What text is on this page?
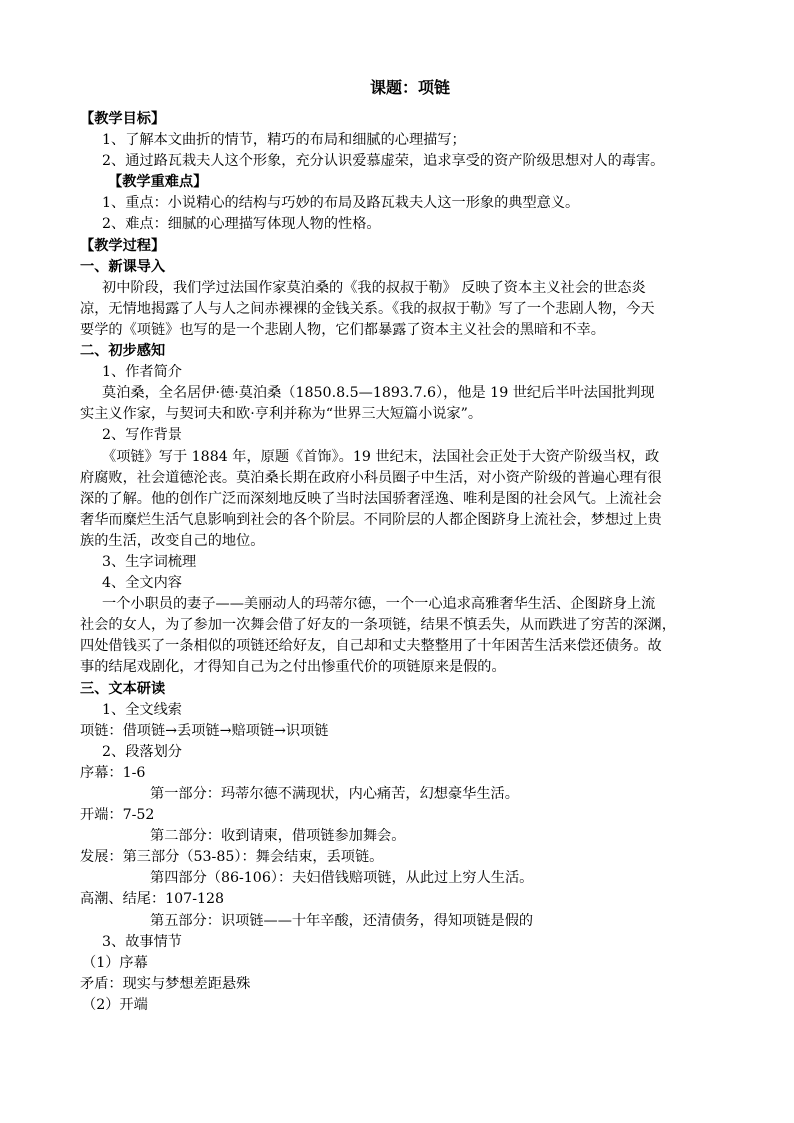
课题：项链
【教学目标】
1、了解本文曲折的情节，精巧的布局和细腻的心理描写；
2、通过路瓦栽夫人这个形象，充分认识爱慕虚荣，追求享受的资产阶级思想对人的毒害。
【教学重难点】
1、重点：小说精心的结构与巧妙的布局及路瓦栽夫人这一形象的典型意义。
2、难点：细腻的心理描写体现人物的性格。
【教学过程】
一、新课导入
初中阶段，我们学过法国作家莫泊桑的《我的叔叔于勒》 反映了资本主义社会的世态炎
凉，无情地揭露了人与人之间赤裸裸的金钱关系。《我的叔叔于勒》写了一个悲剧人物，今天
要学的《项链》也写的是一个悲剧人物，它们都暴露了资本主义社会的黑暗和不幸。
二、初步感知
1、作者简介
莫泊桑，全名居伊·德·莫泊桑（1850.8.5—1893.7.6），他是 19 世纪后半叶法国批判现
实主义作家，与契诃夫和欧·亨利并称为“世界三大短篇小说家”。
2、写作背景
《项链》写于 1884 年，原题《首饰》。19 世纪末，法国社会正处于大资产阶级当权，政
府腐败，社会道德沦丧。莫泊桑长期在政府小科员圈子中生活，对小资产阶级的普遍心理有很
深的了解。他的创作广泛而深刻地反映了当时法国骄奢淫逸、唯利是图的社会风气。上流社会
奢华而糜烂生活气息影响到社会的各个阶层。不同阶层的人都企图跻身上流社会，梦想过上贵
族的生活，改变自己的地位。
3、生字词梳理
4、全文内容
一个小职员的妻子——美丽动人的玛蒂尔德，一个一心追求高雅奢华生活、企图跻身上流
社会的女人，为了参加一次舞会借了好友的一条项链，结果不慎丢失，从而跌进了穷苦的深渊，
四处借钱买了一条相似的项链还给好友，自己却和丈夫整整用了十年困苦生活来偿还债务。故
事的结尾戏剧化，才得知自己为之付出惨重代价的项链原来是假的。
三、文本研读
1、全文线索
项链：借项链→丢项链→赔项链→识项链
2、段落划分
序幕：1-6
第一部分：玛蒂尔德不满现状，内心痛苦，幻想豪华生活。
开端：7-52
第二部分：收到请柬，借项链参加舞会。
发展：第三部分（53-85）：舞会结束，丢项链。
第四部分（86-106）：夫妇借钱赔项链，从此过上穷人生活。
高潮、结尾：107-128
第五部分：识项链——十年辛酸，还清债务，得知项链是假的
3、故事情节
（1）序幕
矛盾：现实与梦想差距悬殊
（2）开端
